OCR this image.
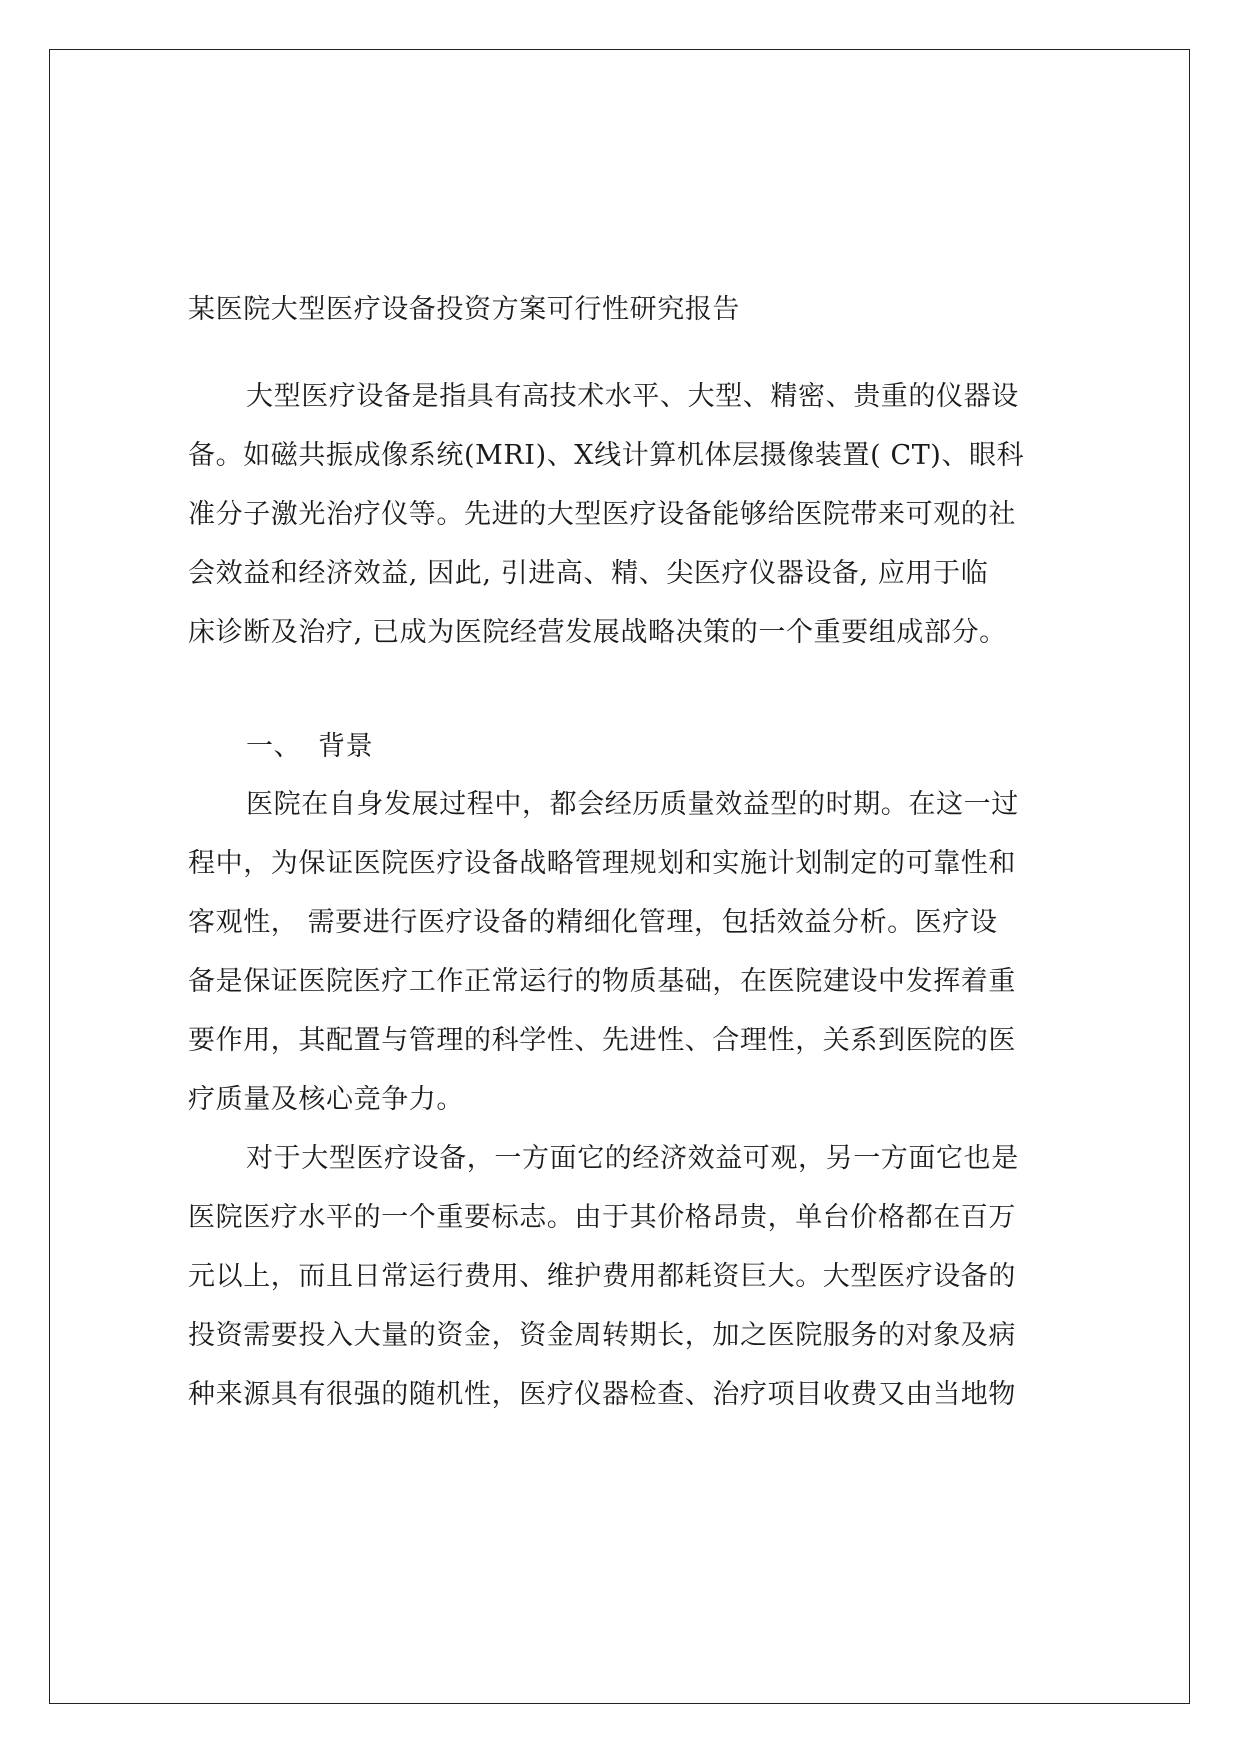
某医院大型医疗设备投资方案可行性研究报告
大型医疗设备是指具有高技术水平、大型、精密、贵重的仪器设
备。如磁共振成像系统(MRI)、X线计算机体层摄像装置( CT)、眼科
准分子激光治疗仪等。先进的大型医疗设备能够给医院带来可观的社
会效益和经济效益, 因此, 引进高、精、尖医疗仪器设备, 应用于临
床诊断及治疗, 已成为医院经营发展战略决策的一个重要组成部分。
一、 背景
医院在自身发展过程中，都会经历质量效益型的时期。在这一过
程中，为保证医院医疗设备战略管理规划和实施计划制定的可靠性和
客观性， 需要进行医疗设备的精细化管理，包括效益分析。医疗设
备是保证医院医疗工作正常运行的物质基础，在医院建设中发挥着重
要作用，其配置与管理的科学性、先进性、合理性，关系到医院的医
疗质量及核心竞争力。
对于大型医疗设备，一方面它的经济效益可观，另一方面它也是
医院医疗水平的一个重要标志。由于其价格昂贵，单台价格都在百万
元以上，而且日常运行费用、维护费用都耗资巨大。大型医疗设备的
投资需要投入大量的资金，资金周转期长，加之医院服务的对象及病
种来源具有很强的随机性，医疗仪器检查、治疗项目收费又由当地物
